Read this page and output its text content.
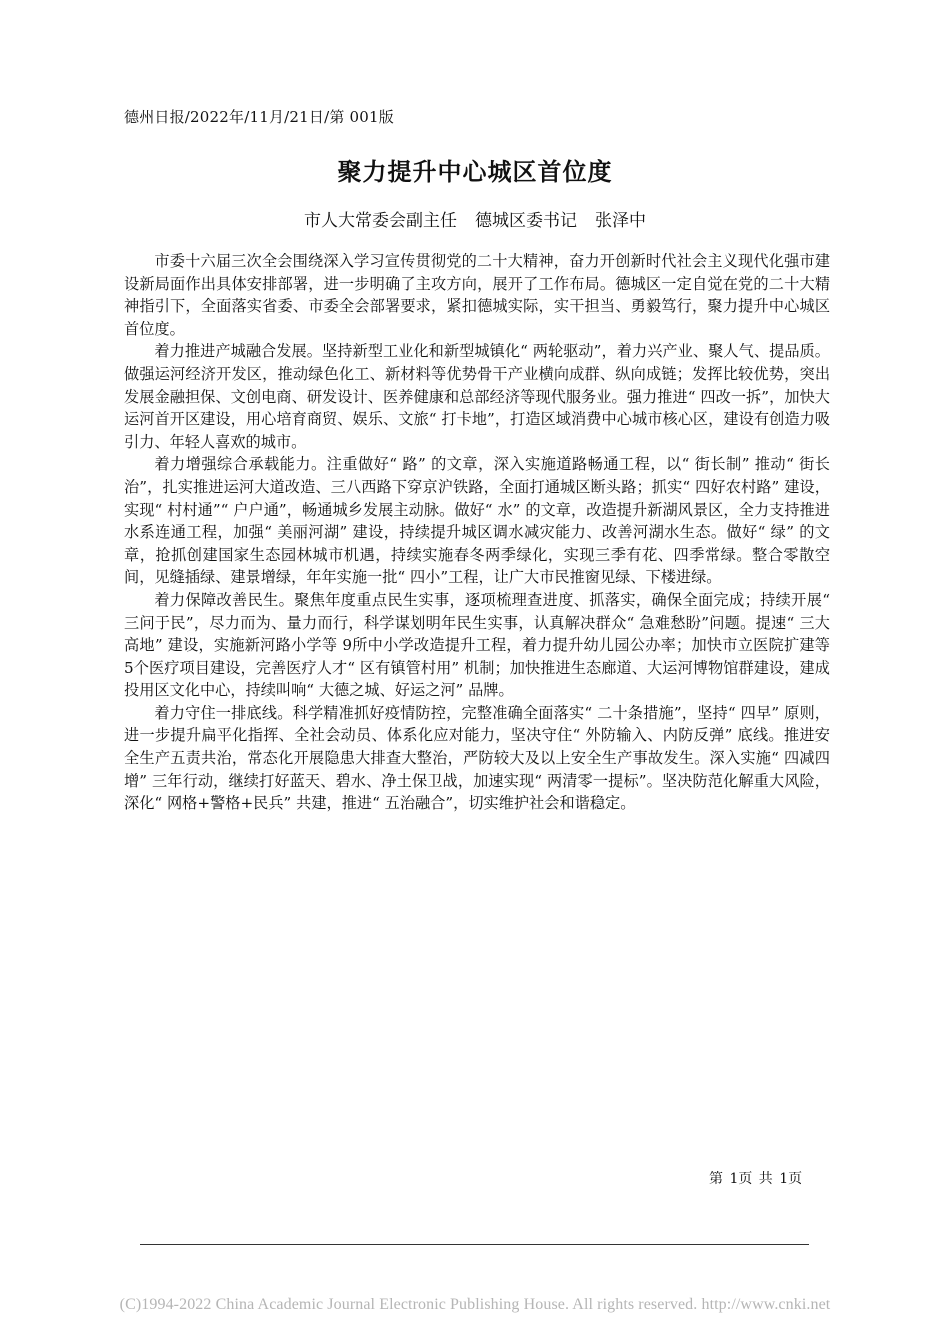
德州日报/2022年/11月/21日/第 001版
聚力提升中心城区首位度
市人大常委会副主任 德城区委书记 张泽中

市委十六届三次全会围绕深入学习宣传贯彻党的二十大精神，奋力开创新时代社会主义现代化强市建设新局面作出具体安排部署，进一步明确了主攻方向，展开了工作布局。德城区一定自觉在党的二十大精神指引下，全面落实省委、市委全会部署要求，紧扣德城实际，实干担当、勇毅笃行，聚力提升中心城区首位度。

着力推进产城融合发展。坚持新型工业化和新型城镇化“ 两轮驱动”，着力兴产业、聚人气、提品质。做强运河经济开发区，推动绿色化工、新材料等优势骨干产业横向成群、纵向成链；发挥比较优势，突出发展金融担保、文创电商、研发设计、医养健康和总部经济等现代服务业。强力推进“ 四改一拆”，加快大运河首开区建设，用心培育商贸、娱乐、文旅“ 打卡地”，打造区域消费中心城市核心区，建设有创造力吸引力、年轻人喜欢的城市。

着力增强综合承载能力。注重做好“ 路” 的文章，深入实施道路畅通工程，以“ 街长制” 推动“ 街长治”，扎实推进运河大道改造、三八西路下穿京沪铁路，全面打通城区断头路；抓实“ 四好农村路” 建设，实现“ 村村通”“ 户户通”，畅通城乡发展主动脉。做好“ 水” 的文章，改造提升新湖风景区，全力支持推进水系连通工程，加强“ 美丽河湖” 建设，持续提升城区调水减灾能力、改善河湖水生态。做好“ 绿” 的文章，抢抓创建国家生态园林城市机遇，持续实施春冬两季绿化，实现三季有花、四季常绿。整合零散空间，见缝插绿、建景增绿，年年实施一批“ 四小”工程，让广大市民推窗见绿、下楼进绿。

着力保障改善民生。聚焦年度重点民生实事，逐项梳理查进度、抓落实，确保全面完成；持续开展“ 三问于民”，尽力而为、量力而行，科学谋划明年民生实事，认真解决群众“ 急难愁盼”问题。提速“ 三大高地” 建设，实施新河路小学等 9所中小学改造提升工程，着力提升幼儿园公办率；加快市立医院扩建等 5个医疗项目建设，完善医疗人才“ 区有镇管村用” 机制；加快推进生态廊道、大运河博物馆群建设，建成投用区文化中心，持续叫响“ 大德之城、好运之河” 品牌。

着力守住一排底线。科学精准抓好疫情防控，完整准确全面落实“ 二十条措施”，坚持“ 四早” 原则，进一步提升扁平化指挥、全社会动员、体系化应对能力，坚决守住“ 外防输入、内防反弹” 底线。推进安全生产五责共治，常态化开展隐患大排查大整治，严防较大及以上安全生产事故发生。深入实施“ 四减四增” 三年行动，继续打好蓝天、碧水、净土保卫战，加速实现“ 两清零一提标”。坚决防范化解重大风险，深化“ 网格+警格+民兵” 共建，推进“ 五治融合”，切实维护社会和谐稳定。

第 1页 共 1页
(C)1994-2022 China Academic Journal Electronic Publishing House. All rights reserved. http://www.cnki.net
